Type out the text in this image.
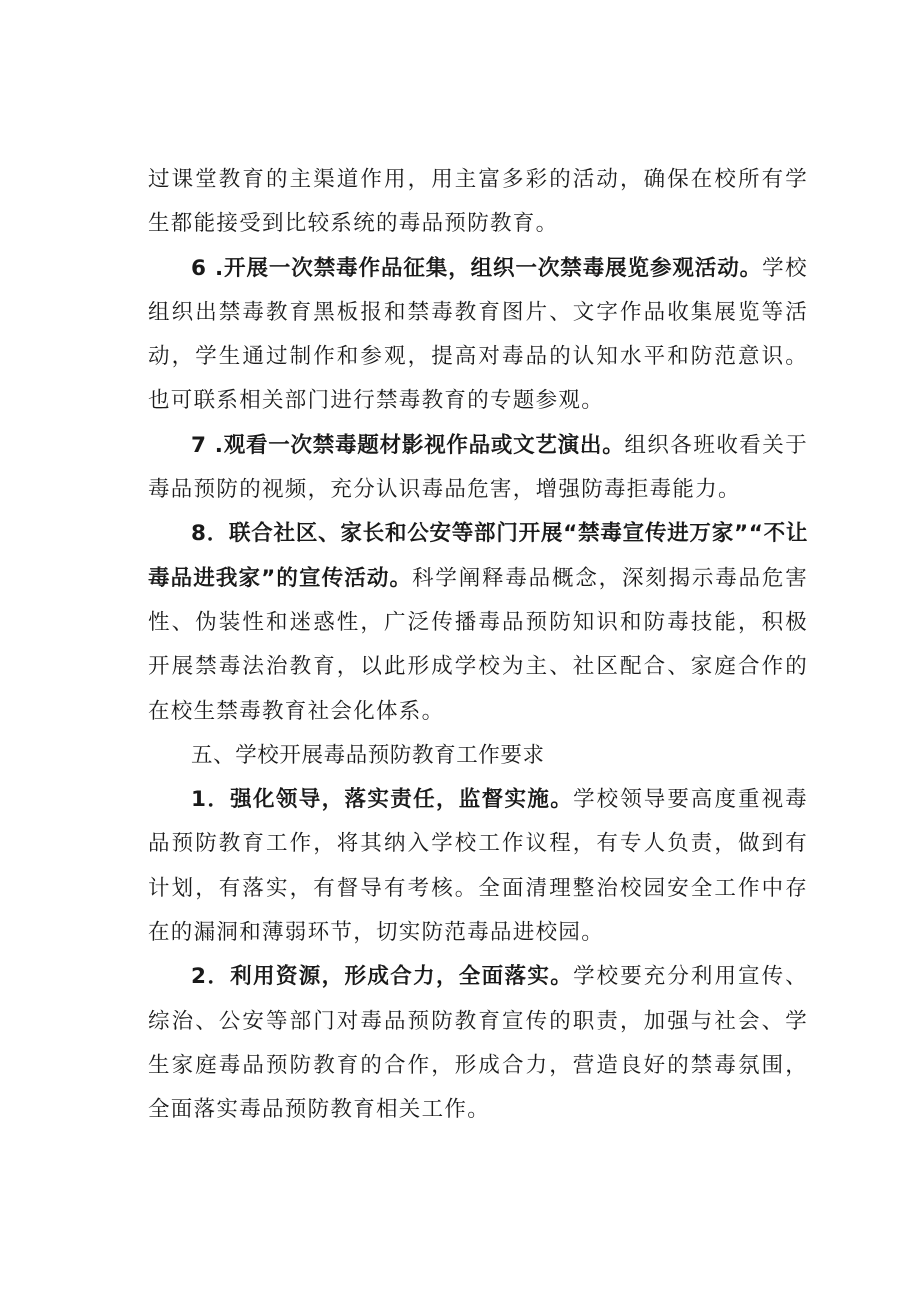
过课堂教育的主渠道作用，用主富多彩的活动，确保在校所有学生都能接受到比较系统的毒品预防教育。

6 .开展一次禁毒作品征集，组织一次禁毒展览参观活动。学校组织出禁毒教育黑板报和禁毒教育图片、文字作品收集展览等活动，学生通过制作和参观，提高对毒品的认知水平和防范意识。也可联系相关部门进行禁毒教育的专题参观。

7 .观看一次禁毒题材影视作品或文艺演出。组织各班收看关于毒品预防的视频，充分认识毒品危害，增强防毒拒毒能力。

8．联合社区、家长和公安等部门开展“禁毒宣传进万家”“不让毒品进我家”的宣传活动。科学阐释毒品概念，深刻揭示毒品危害性、伪装性和迷惑性，广泛传播毒品预防知识和防毒技能，积极开展禁毒法治教育，以此形成学校为主、社区配合、家庭合作的在校生禁毒教育社会化体系。

五、学校开展毒品预防教育工作要求

1．强化领导，落实责任，监督实施。学校领导要高度重视毒品预防教育工作，将其纳入学校工作议程，有专人负责，做到有计划，有落实，有督导有考核。全面清理整治校园安全工作中存在的漏洞和薄弱环节，切实防范毒品进校园。

2．利用资源，形成合力，全面落实。学校要充分利用宣传、综治、公安等部门对毒品预防教育宣传的职责，加强与社会、学生家庭毒品预防教育的合作，形成合力，营造良好的禁毒氛围，全面落实毒品预防教育相关工作。
